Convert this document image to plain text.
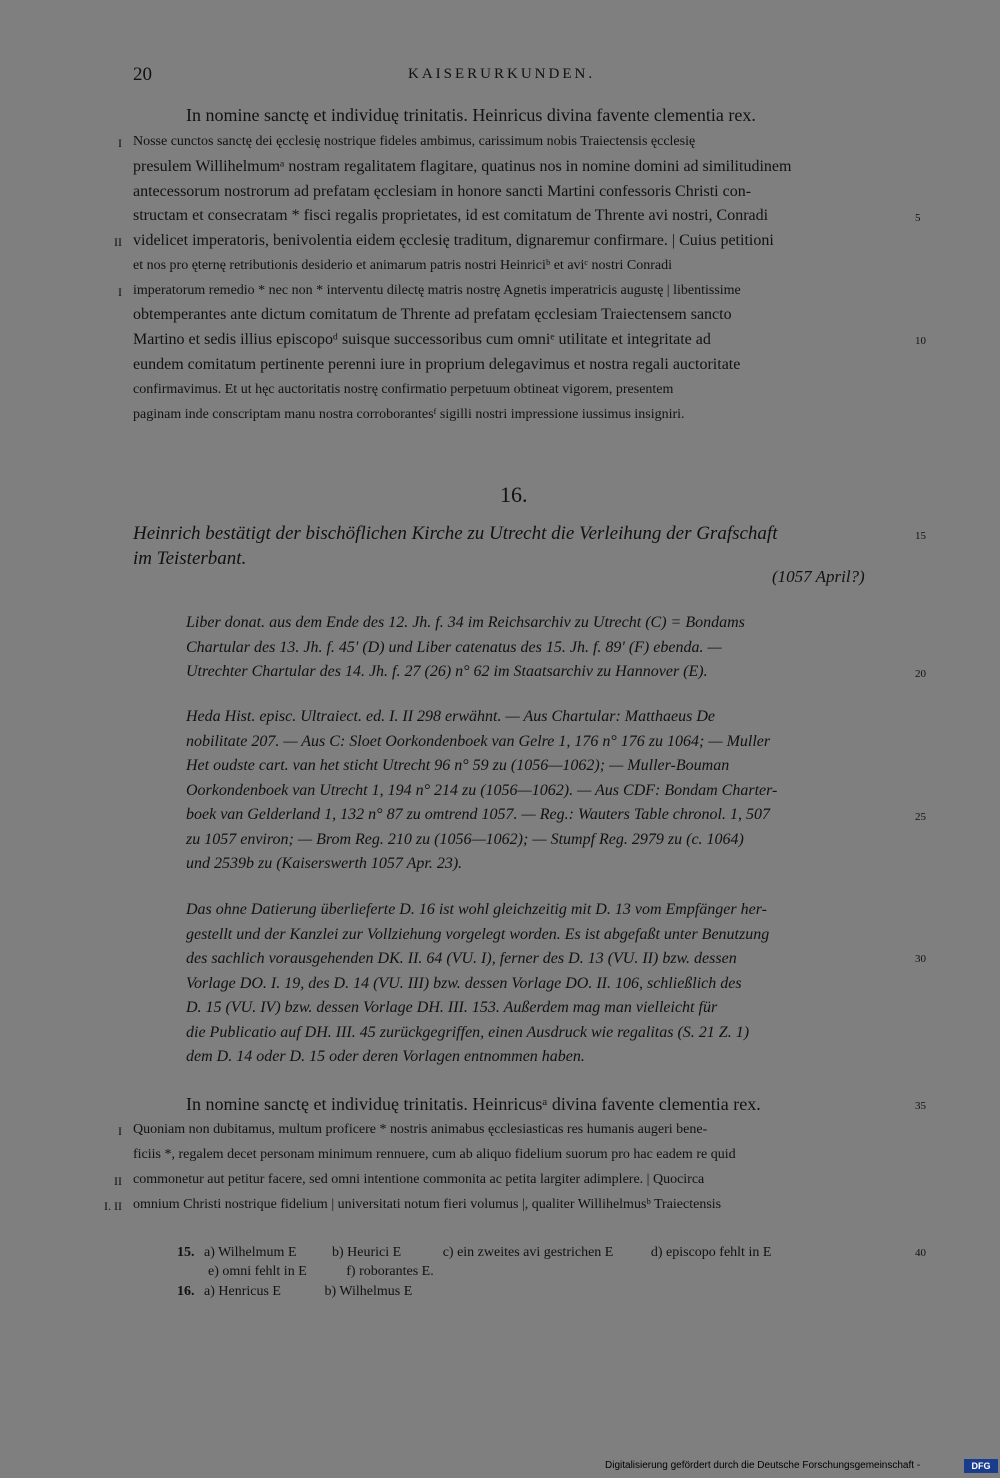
20	KAISERURKUNDEN.
In nomine sanctę et individuę trinitatis. Heinricus divina favente clementia rex.
Nosse cunctos sanctę dei ęcclesię nostrique fideles ambimus, carissimum nobis Traiectensis ęcclesię
presulem Willihelmumᵃ nostram regalitatem flagitare, quatinus nos in nomine domini ad similitudinem
antecessorum nostrorum ad prefatam ęcclesiam in honore sancti Martini confessoris Christi con-
structam et consecratam * fisci regalis proprietates, id est comitatum de Thrente avi nostri, Conradi
videlicet imperatoris, benivolentia eidem ęcclesię traditum, dignaremur confirmare. | Cuius petitioni
et nos pro ęternę retributionis desiderio et animarum patris nostri Heinriciᵇ et aviᶜ nostri Conradi
imperatorum remedio * nec non * interventu dilectę matris nostrę Agnetis imperatricis augustę | libentissime
obtemperantes ante dictum comitatum de Thrente ad prefatam ęcclesiam Traiectensem sancto
Martino et sedis illius episcopoᵈ suisque successoribus cum omniᵉ utilitate et integritate ad
eundem comitatum pertinente perenni iure in proprium delegavimus et nostra regali auctoritate
confirmavimus. Et ut hęc auctoritatis nostrę confirmatio perpetuum obtineat vigorem, presentem
paginam inde conscriptam manu nostra corroborantesᶠ sigilli nostri impressione iussimus insigniri.
I
II
I
5
10
16.
Heinrich bestätigt der bischöflichen Kirche zu Utrecht die Verleihung der Grafschaft
im Teisterbant.
15
(1057 April?)
Liber donat. aus dem Ende des 12. Jh. f. 34 im Reichsarchiv zu Utrecht (C) = Bondams
Chartular des 13. Jh. f. 45' (D) und Liber catenatus des 15. Jh. f. 89' (F) ebenda. —
Utrechter Chartular des 14. Jh. f. 27 (26) n° 62 im Staatsarchiv zu Hannover (E).	20
Heda Hist. episc. Ultraiect. ed. I. II 298 erwähnt. — Aus Chartular: Matthaeus De
nobilitate 207. — Aus C: Sloet Oorkondenboek van Gelre 1, 176 n° 176 zu 1064; — Muller
Het oudste cart. van het sticht Utrecht 96 n° 59 zu (1056—1062); — Muller-Bouman
Oorkondenboek van Utrecht 1, 194 n° 214 zu (1056—1062). — Aus CDF: Bondam Charter-
boek van Gelderland 1, 132 n° 87 zu omtrend 1057. — Reg.: Wauters Table chronol. 1, 507
zu 1057 environ; — Brom Reg. 210 zu (1056—1062); — Stumpf Reg. 2979 zu (c. 1064)
und 2539b zu (Kaiserswerth 1057 Apr. 23).
25
Das ohne Datierung überlieferte D. 16 ist wohl gleichzeitig mit D. 13 vom Empfänger her-
gestellt und der Kanzlei zur Vollziehung vorgelegt worden. Es ist abgefaßt unter Benutzung
des sachlich vorausgehenden DK. II. 64 (VU. I), ferner des D. 13 (VU. II) bzw. dessen
Vorlage DO. I. 19, des D. 14 (VU. III) bzw. dessen Vorlage DO. II. 106, schließlich des
D. 15 (VU. IV) bzw. dessen Vorlage DH. III. 153. Außerdem mag man vielleicht für
die Publicatio auf DH. III. 45 zurückgegriffen, einen Ausdruck wie regalitas (S. 21 Z. 1)
dem D. 14 oder D. 15 oder deren Vorlagen entnommen haben.
30
In nomine sanctę et individuę trinitatis. Heinricusᵃ divina favente clementia rex.	35
Quoniam non dubitamus, multum proficere * nostris animabus ęcclesiasticas res humanis augeri bene-
ficiis *, regalem decet personam minimum rennuere, cum ab aliquo fidelium suorum pro hac eadem re quid
commonetur aut petitur facere, sed omni intentione commonita ac petita largiter adimplere. | Quocirca
omnium Christi nostrique fidelium | universitati notum fieri volumus |, qualiter Willihelmusᵇ Traiectensis
I
II
I. II
15. a) Wilhelmum E	b) Heurici E	c) ein zweites avi gestrichen E	d) episcopo fehlt in E	40
e) omni fehlt in E	f) roborantes E.
16. a) Henricus E	b) Wilhelmus E
Digitalisierung gefördert durch die Deutsche Forschungsgemeinschaft -	DFG
